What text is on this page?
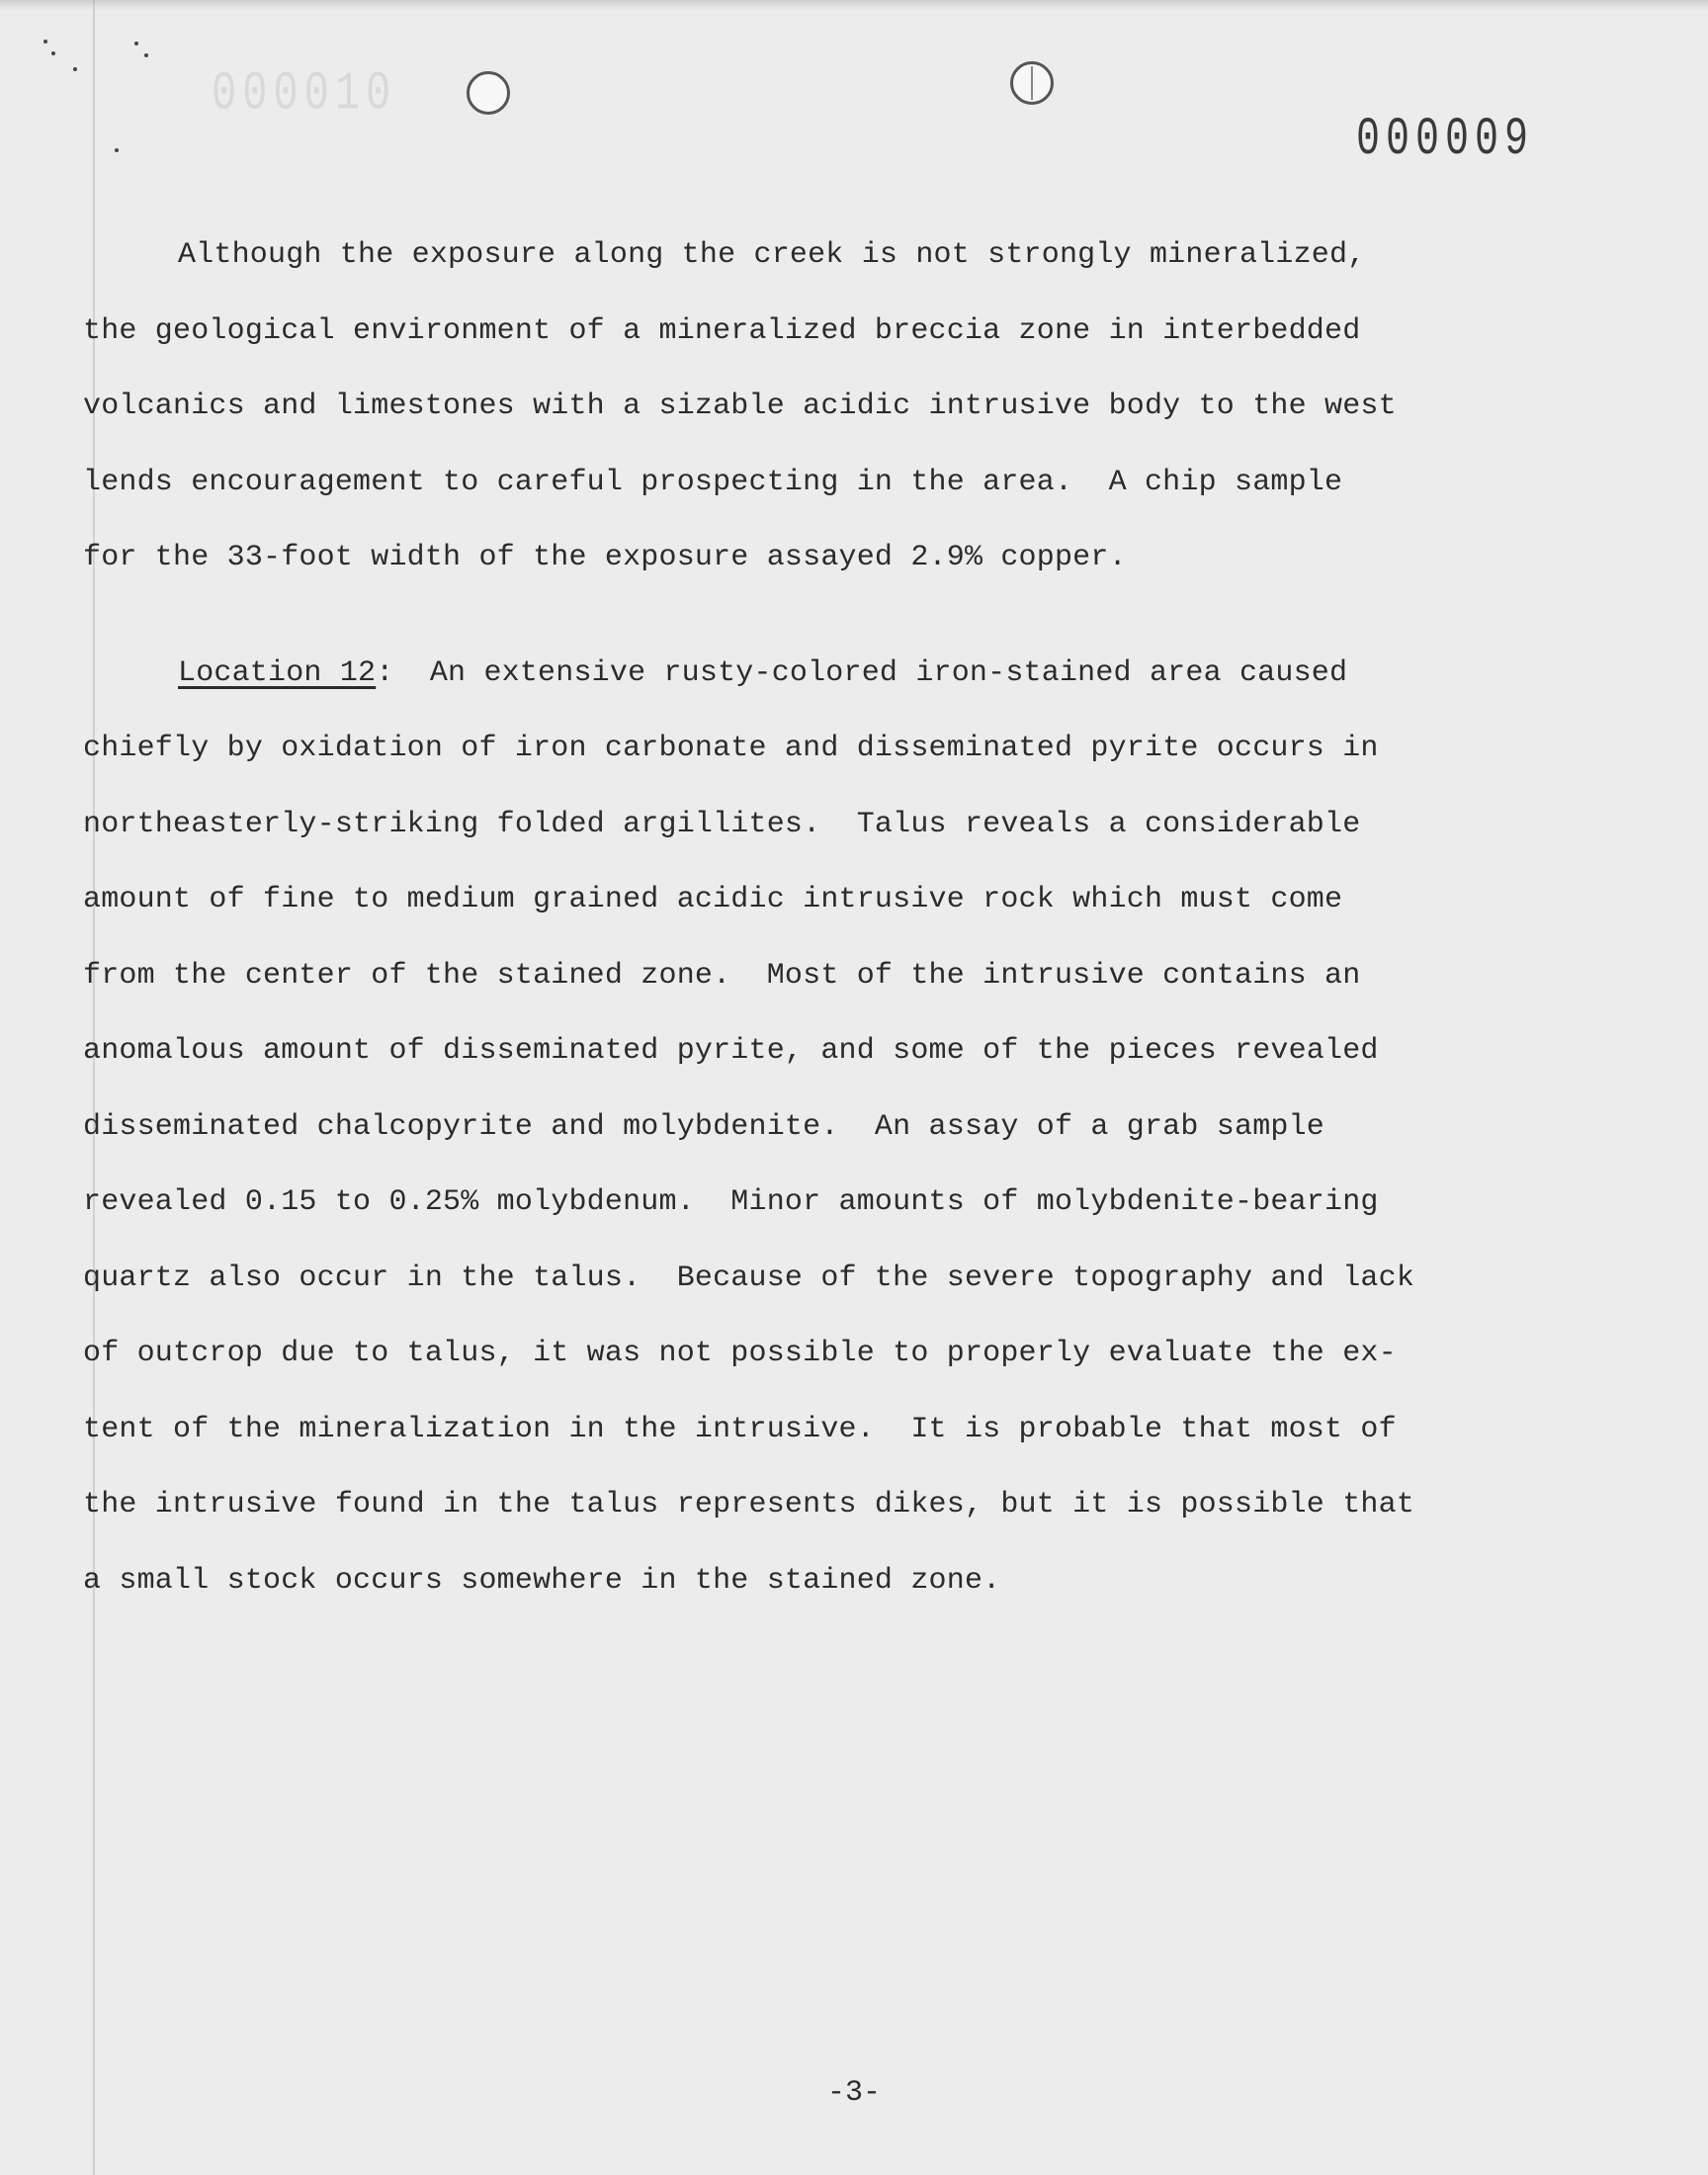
000010
000009
Although the exposure along the creek is not strongly mineralized,
the geological environment of a mineralized breccia zone in interbedded
volcanics and limestones with a sizable acidic intrusive body to the west
lends encouragement to careful prospecting in the area.  A chip sample
for the 33-foot width of the exposure assayed 2.9% copper.
Location 12:  An extensive rusty-colored iron-stained area caused
chiefly by oxidation of iron carbonate and disseminated pyrite occurs in
northeasterly-striking folded argillites.  Talus reveals a considerable
amount of fine to medium grained acidic intrusive rock which must come
from the center of the stained zone.  Most of the intrusive contains an
anomalous amount of disseminated pyrite, and some of the pieces revealed
disseminated chalcopyrite and molybdenite.  An assay of a grab sample
revealed 0.15 to 0.25% molybdenum.  Minor amounts of molybdenite-bearing
quartz also occur in the talus.  Because of the severe topography and lack
of outcrop due to talus, it was not possible to properly evaluate the ex-
tent of the mineralization in the intrusive.  It is probable that most of
the intrusive found in the talus represents dikes, but it is possible that
a small stock occurs somewhere in the stained zone.
-3-
